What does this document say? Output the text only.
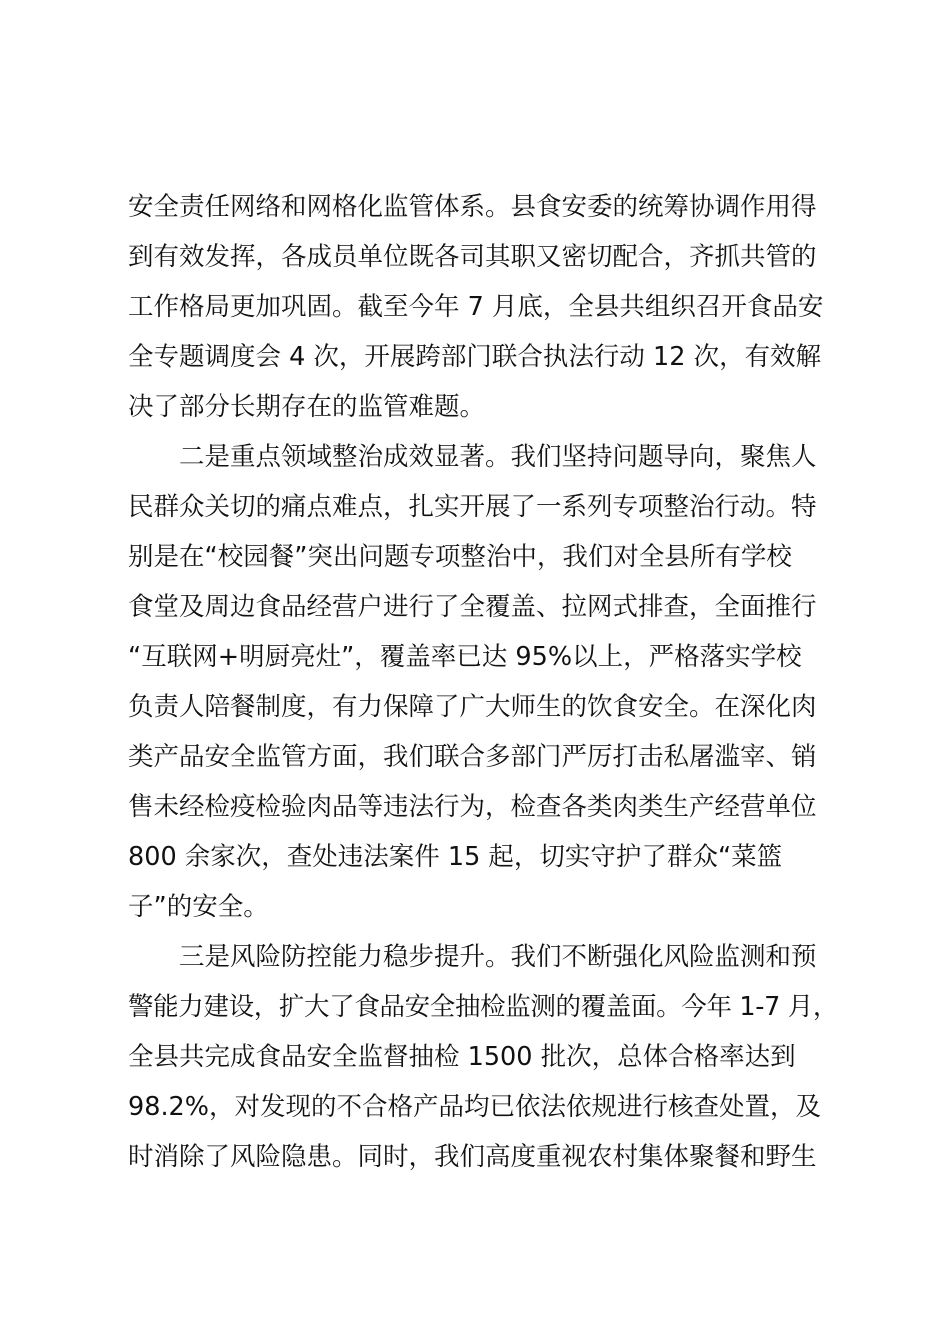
安全责任网络和网格化监管体系。县食安委的统筹协调作用得
到有效发挥，各成员单位既各司其职又密切配合，齐抓共管的
工作格局更加巩固。截至今年 7 月底，全县共组织召开食品安
全专题调度会 4 次，开展跨部门联合执法行动 12 次，有效解
决了部分长期存在的监管难题。
二是重点领域整治成效显著。我们坚持问题导向，聚焦人
民群众关切的痛点难点，扎实开展了一系列专项整治行动。特
别是在“校园餐”突出问题专项整治中，我们对全县所有学校
食堂及周边食品经营户进行了全覆盖、拉网式排查，全面推行
“互联网+明厨亮灶”，覆盖率已达 95%以上，严格落实学校
负责人陪餐制度，有力保障了广大师生的饮食安全。在深化肉
类产品安全监管方面，我们联合多部门严厉打击私屠滥宰、销
售未经检疫检验肉品等违法行为，检查各类肉类生产经营单位
800 余家次，查处违法案件 15 起，切实守护了群众“菜篮
子”的安全。
三是风险防控能力稳步提升。我们不断强化风险监测和预
警能力建设，扩大了食品安全抽检监测的覆盖面。今年 1-7 月，
全县共完成食品安全监督抽检 1500 批次，总体合格率达到
98.2%，对发现的不合格产品均已依法依规进行核查处置，及
时消除了风险隐患。同时，我们高度重视农村集体聚餐和野生
